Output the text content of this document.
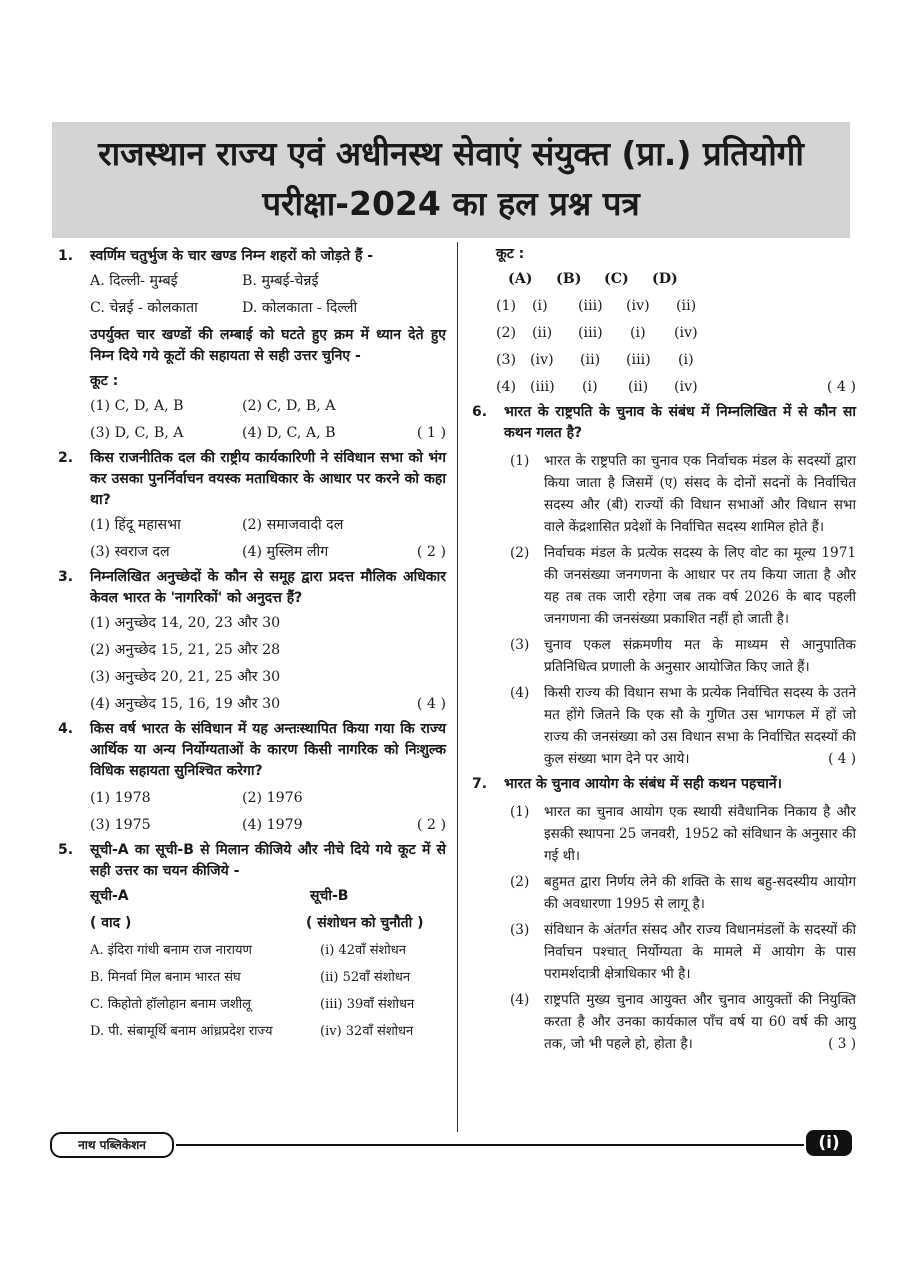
राजस्थान राज्य एवं अधीनस्थ सेवाएं संयुक्त (प्रा.) प्रतियोगी
परीक्षा-2024 का हल प्रश्न पत्र
1. स्वर्णिम चतुर्भुज के चार खण्ड निम्न शहरों को जोड़ते हैं -
A. दिल्ली- मुम्बई	B. मुम्बई-चेन्नई
C. चेन्नई - कोलकाता	D. कोलकाता - दिल्ली
उपर्युक्त चार खण्डों की लम्बाई को घटते हुए क्रम में ध्यान देते हुए निम्न दिये गये कूटों की सहायता से सही उत्तर चुनिए -
कूट :
(1) C, D, A, B	(2) C, D, B, A
(3) D, C, B, A	(4) D, C, A, B	( 1 )
2. किस राजनीतिक दल की राष्ट्रीय कार्यकारिणी ने संविधान सभा को भंग कर उसका पुनर्निर्वाचन वयस्क मताधिकार के आधार पर करने को कहा था?
(1) हिंदू महासभा	(2) समाजवादी दल
(3) स्वराज दल	(4) मुस्लिम लीग	( 2 )
3. निम्नलिखित अनुच्छेदों के कौन से समूह द्वारा प्रदत्त मौलिक अधिकार केवल भारत के 'नागरिकों' को अनुदत्त हैं?
(1) अनुच्छेद 14, 20, 23 और 30
(2) अनुच्छेद 15, 21, 25 और 28
(3) अनुच्छेद 20, 21, 25 और 30
(4) अनुच्छेद 15, 16, 19 और 30	( 4 )
4. किस वर्ष भारत के संविधान में यह अन्तःस्थापित किया गया कि राज्य आर्थिक या अन्य निर्योग्यताओं के कारण किसी नागरिक को निःशुल्क विधिक सहायता सुनिश्चित करेगा?
(1) 1978	(2) 1976
(3) 1975	(4) 1979	( 2 )
5. सूची-A का सूची-B से मिलान कीजिये और नीचे दिये गये कूट में से सही उत्तर का चयन कीजिये -
सूची-A	सूची-B
( वाद )	( संशोधन को चुनौती )
A. इंदिरा गांधी बनाम राज नारायण	(i) 42वाँ संशोधन
B. मिनर्वा मिल बनाम भारत संघ	(ii) 52वाँ संशोधन
C. किहोतो हॉलोहान बनाम जशीलू	(iii) 39वाँ संशोधन
D. पी. संबामूर्थि बनाम आंध्रप्रदेश राज्य	(iv) 32वाँ संशोधन
कूट :
(A) (B) (C) (D)
(1) (i) (iii) (iv) (ii)
(2) (ii) (iii) (i) (iv)
(3) (iv) (ii) (iii) (i)
(4) (iii) (i) (ii) (iv)	( 4 )
6. भारत के राष्ट्रपति के चुनाव के संबंध में निम्नलिखित में से कौन सा कथन गलत है?
(1) भारत के राष्ट्रपति का चुनाव एक निर्वाचक मंडल के सदस्यों द्वारा किया जाता है जिसमें (ए) संसद के दोनों सदनों के निर्वाचित सदस्य और (बी) राज्यों की विधान सभाओं और विधान सभा वाले केंद्रशासित प्रदेशों के निर्वाचित सदस्य शामिल होते हैं।
(2) निर्वाचक मंडल के प्रत्येक सदस्य के लिए वोट का मूल्य 1971 की जनसंख्या जनगणना के आधार पर तय किया जाता है और यह तब तक जारी रहेगा जब तक वर्ष 2026 के बाद पहली जनगणना की जनसंख्या प्रकाशित नहीं हो जाती है।
(3) चुनाव एकल संक्रमणीय मत के माध्यम से आनुपातिक प्रतिनिधित्व प्रणाली के अनुसार आयोजित किए जाते हैं।
(4) किसी राज्य की विधान सभा के प्रत्येक निर्वाचित सदस्य के उतने मत होंगे जितने कि एक सौ के गुणित उस भागफल में हों जो राज्य की जनसंख्या को उस विधान सभा के निर्वाचित सदस्यों की कुल संख्या भाग देने पर आये।	( 4 )
7. भारत के चुनाव आयोग के संबंध में सही कथन पहचानें।
(1) भारत का चुनाव आयोग एक स्थायी संवैधानिक निकाय है और इसकी स्थापना 25 जनवरी, 1952 को संविधान के अनुसार की गई थी।
(2) बहुमत द्वारा निर्णय लेने की शक्ति के साथ बहु-सदस्यीय आयोग की अवधारणा 1995 से लागू है।
(3) संविधान के अंतर्गत संसद और राज्य विधानमंडलों के सदस्यों की निर्वाचन पश्चात् निर्योग्यता के मामले में आयोग के पास परामर्शदात्री क्षेत्राधिकार भी है।
(4) राष्ट्रपति मुख्य चुनाव आयुक्त और चुनाव आयुक्तों की नियुक्ति करता है और उनका कार्यकाल पाँच वर्ष या 60 वर्ष की आयु तक, जो भी पहले हो, होता है।	( 3 )
नाथ पब्लिकेशन	(i)
